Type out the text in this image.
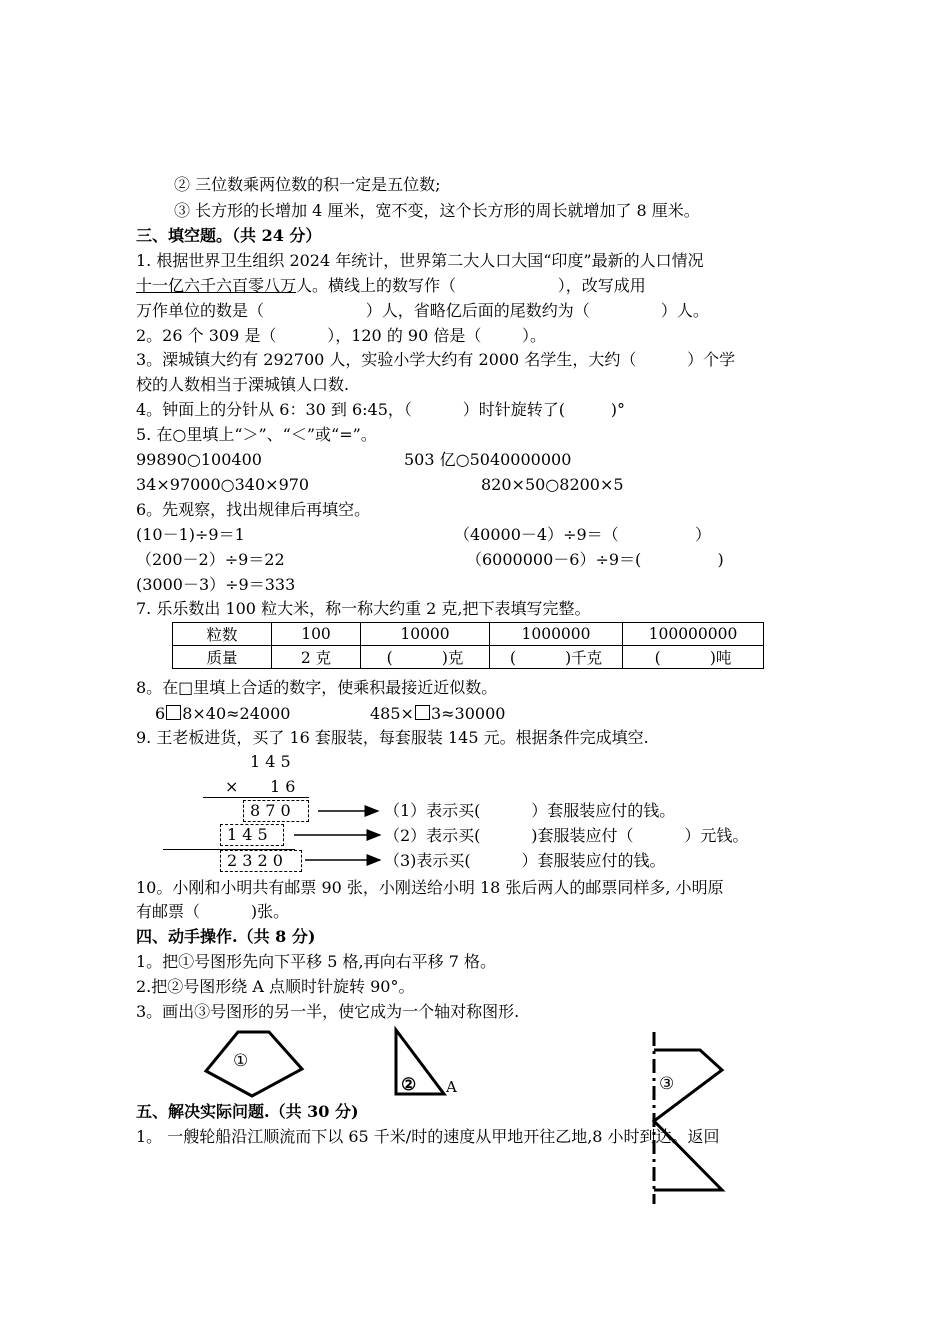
② 三位数乘两位数的积一定是五位数;
③ 长方形的长增加 4 厘米，宽不变，这个长方形的周长就增加了 8 厘米。
三、填空题。（共 24 分）
1. 根据世界卫生组织 2024 年统计，世界第二大人口大国“印度”最新的人口情况
十一亿六千六百零八万人。横线上的数写作（                    ），改写成用
万作单位的数是（                    ）人，省略亿后面的尾数约为（              ）人。
2。26 个 309 是（          ），120 的 90 倍是（        ）。
3。溧城镇大约有 292700 人，实验小学大约有 2000 名学生，大约（          ）个学
校的人数相当于溧城镇人口数.
4。钟面上的分针从 6：30 到 6:45，（          ）时针旋转了(         )°
5. 在○里填上“＞”、“＜”或“=”。
99890○100400	503 亿○5040000000
34×97000○340×970	820×50○8200×5
6。先观察，找出规律后再填空。
(10－1)÷9＝1	（40000－4）÷9＝（               ）
（200－2）÷9＝22	（6000000－6）÷9＝(               )
(3000－3）÷9＝333
7. 乐乐数出 100 粒大米，称一称大约重 2 克,把下表填写完整。
粒数	100	10000	1000000	100000000
质量	2 克	(          )克	(          )千克	(          )吨
8。在□里填上合适的数字，使乘积最接近近似数。
6 8×40≈24000	485× 3≈30000
9. 王老板进货，买了 16 套服装，每套服装 145 元。根据条件完成填空.
1 4 5
× 1 6
8 7 0
1 4 5
2 3 2 0
（1）表示买(          ）套服装应付的钱。
（2）表示买(          )套服装应付（          ）元钱。
（3)表示买(          ）套服装应付的钱。
10。小刚和小明共有邮票 90 张，小刚送给小明 18 张后两人的邮票同样多, 小明原
有邮票（          )张。
四、动手操作.（共 8 分)
1。把①号图形先向下平移 5 格,再向右平移 7 格。
2.把②号图形绕 A 点顺时针旋转 90°。
3。画出③号图形的另一半，使它成为一个轴对称图形.
①
② A	③
五、解决实际问题.（共 30 分)
1。 一艘轮船沿江顺流而下以 65 千米/时的速度从甲地开往乙地,8 小时到达。返回
